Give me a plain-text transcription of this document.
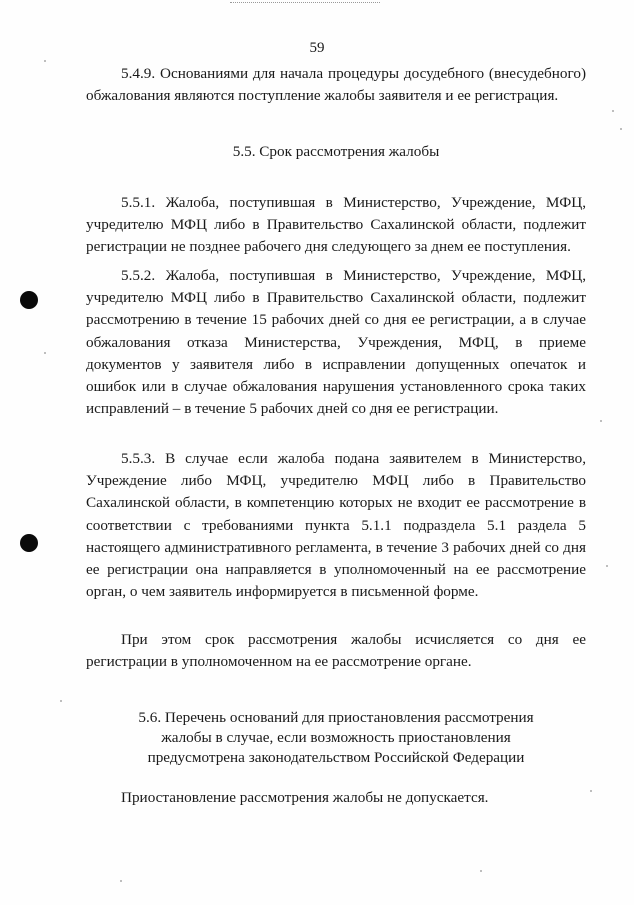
59

5.4.9. Основаниями для начала процедуры досудебного (внесудебного) обжалования являются поступление жалобы заявителя и ее регистрация.

5.5. Срок рассмотрения жалобы

5.5.1. Жалоба, поступившая в Министерство, Учреждение, МФЦ, учредителю МФЦ либо в Правительство Сахалинской области, подлежит регистрации не позднее рабочего дня следующего за днем ее поступления.

5.5.2. Жалоба, поступившая в Министерство, Учреждение, МФЦ, учредителю МФЦ либо в Правительство Сахалинской области, подлежит рассмотрению в течение 15 рабочих дней со дня ее регистрации, а в случае обжалования отказа Министерства, Учреждения, МФЦ, в приеме документов у заявителя либо в исправлении допущенных опечаток и ошибок или в случае обжалования нарушения установленного срока таких исправлений – в течение 5 рабочих дней со дня ее регистрации.

5.5.3. В случае если жалоба подана заявителем в Министерство, Учреждение либо МФЦ, учредителю МФЦ либо в Правительство Сахалинской области, в компетенцию которых не входит ее рассмотрение в соответствии с требованиями пункта 5.1.1 подраздела 5.1 раздела 5 настоящего административного регламента, в течение 3 рабочих дней со дня ее регистрации она направляется в уполномоченный на ее рассмотрение орган, о чем заявитель информируется в письменной форме.

При этом срок рассмотрения жалобы исчисляется со дня ее регистрации в уполномоченном на ее рассмотрение органе.

5.6. Перечень оснований для приостановления рассмотрения
жалобы в случае, если возможность приостановления
предусмотрена законодательством Российской Федерации

Приостановление рассмотрения жалобы не допускается.
